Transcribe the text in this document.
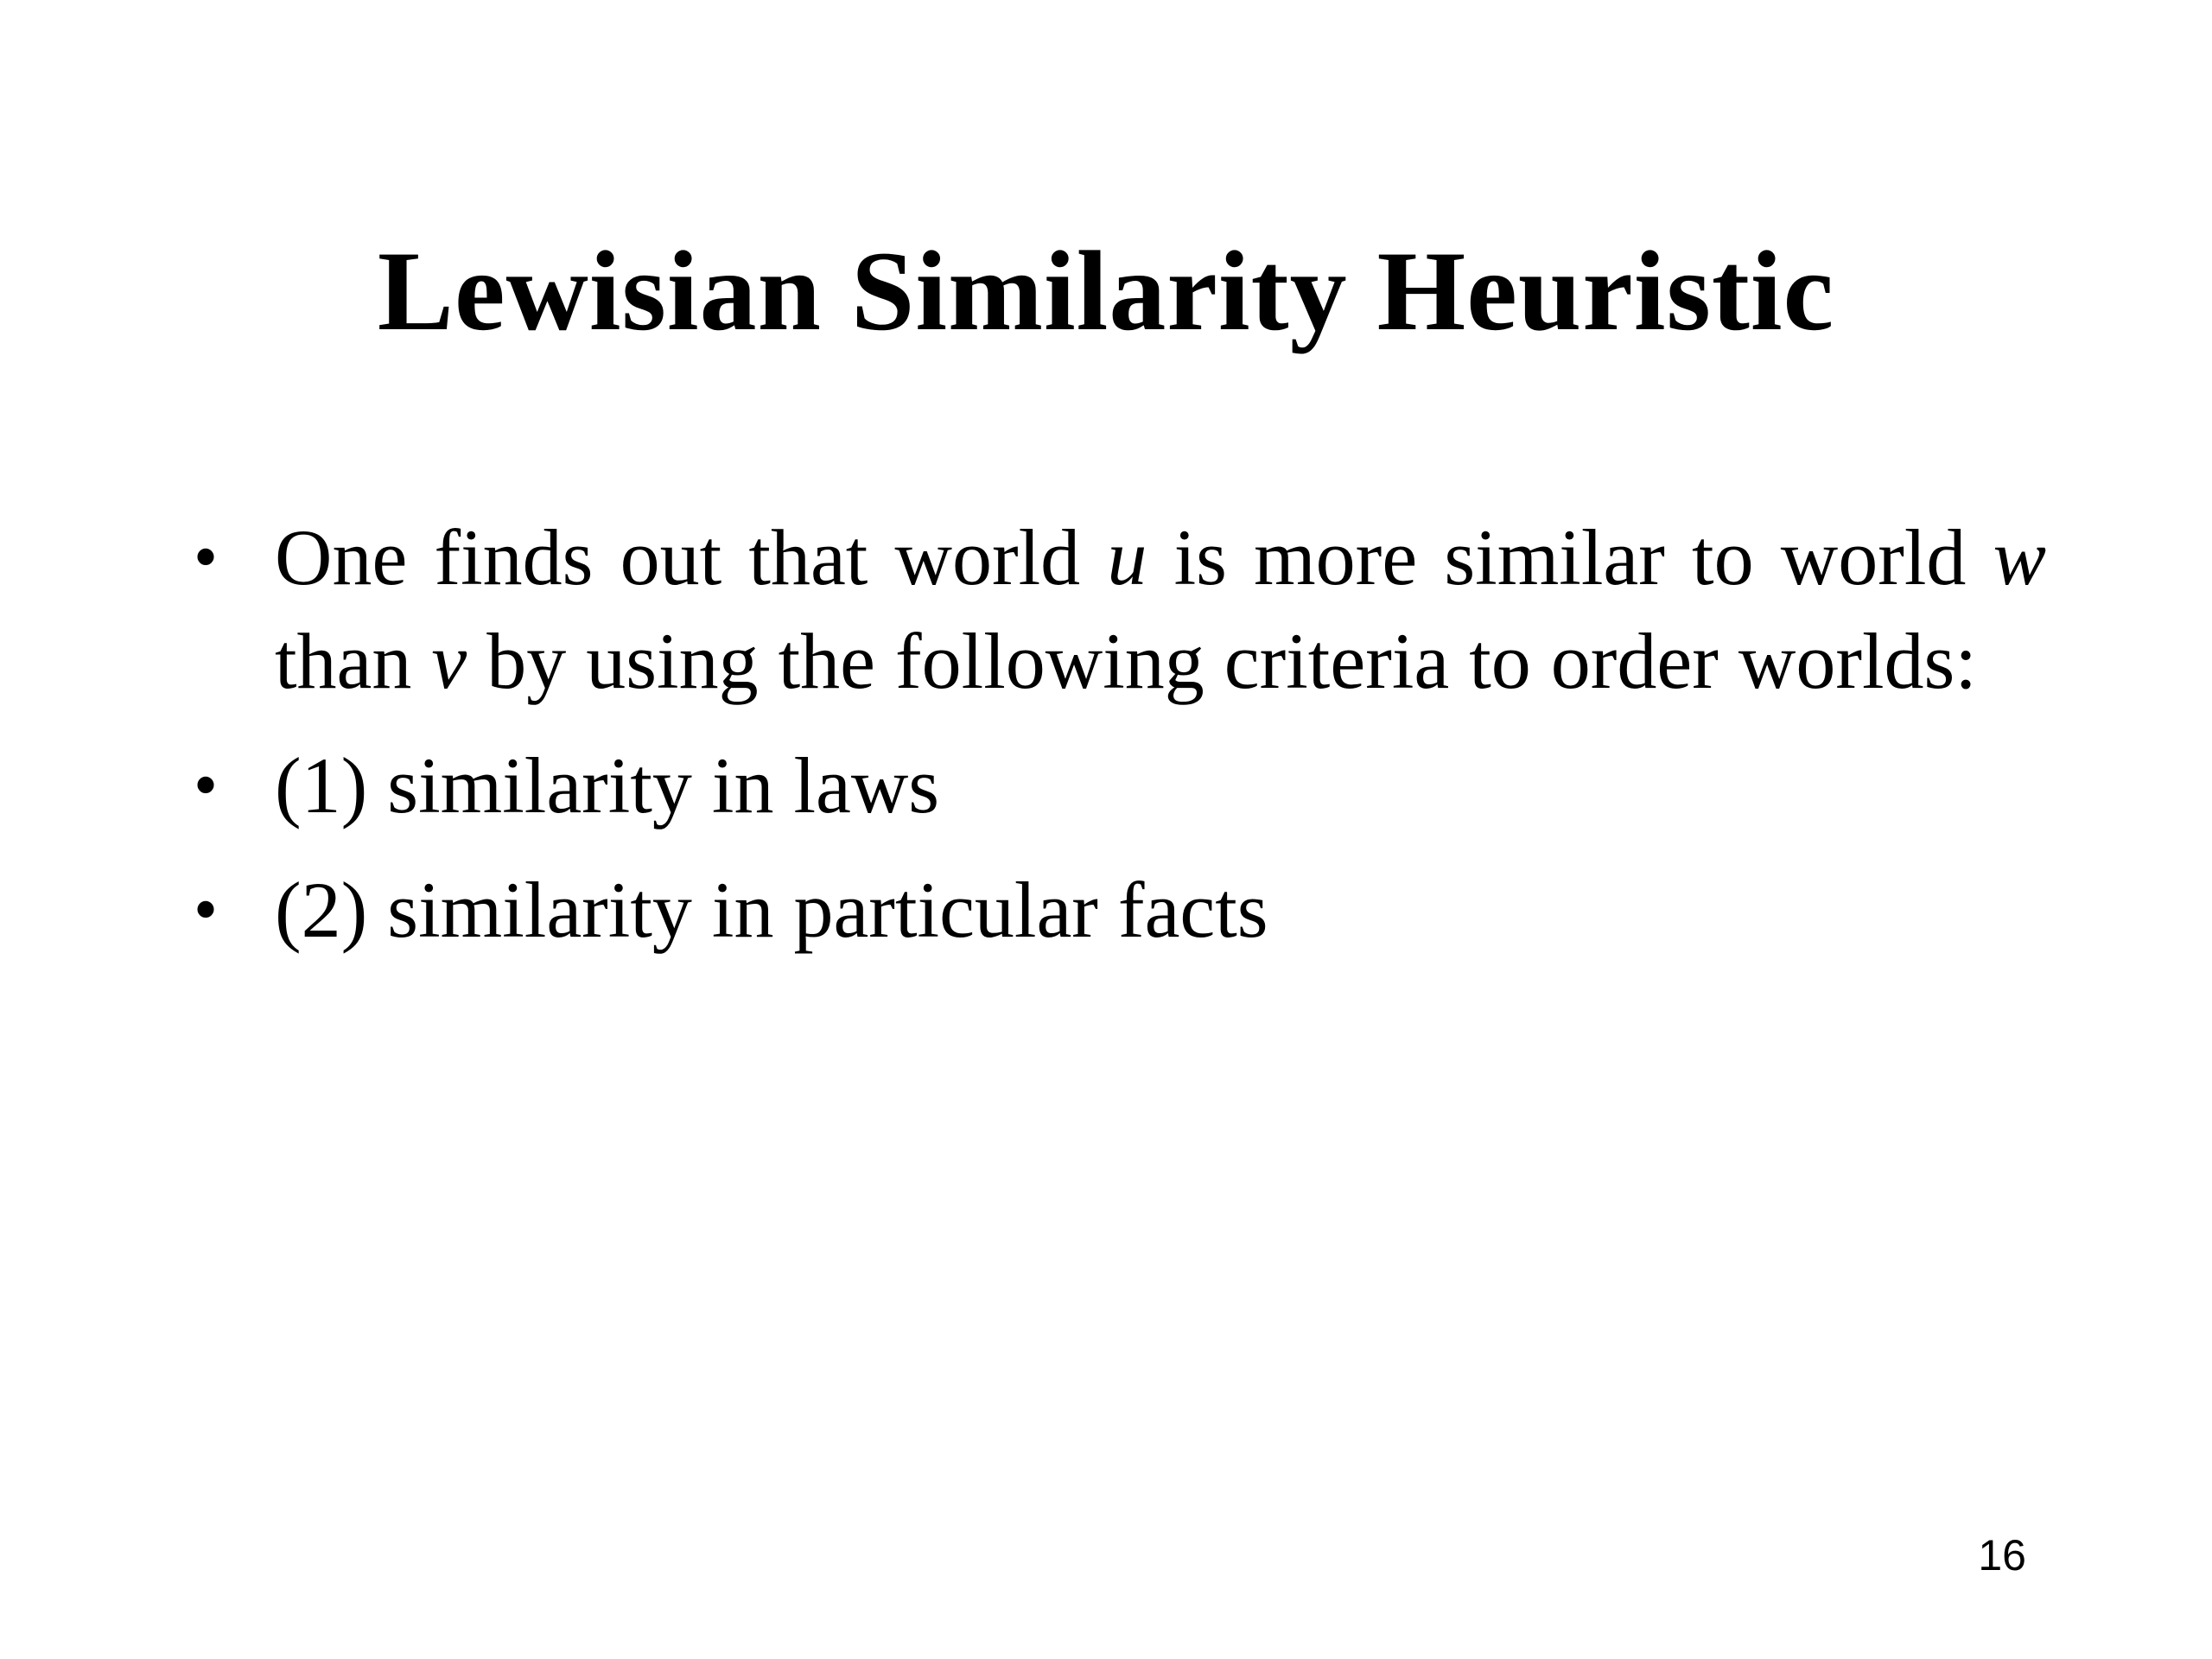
Lewisian Similarity Heuristic
• One finds out that world u is more similar to world w than v by using the following criteria to order worlds:
• (1) similarity in laws
• (2) similarity in particular facts
16
